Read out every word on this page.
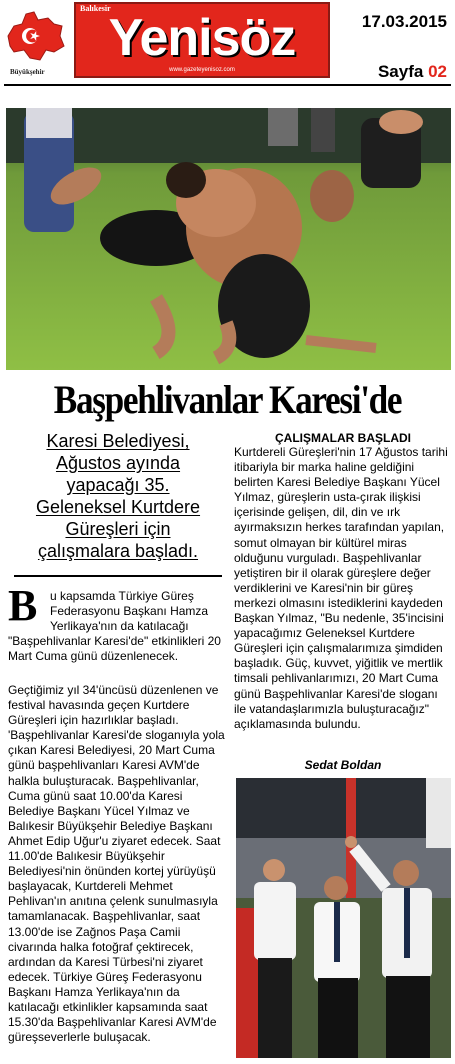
Büyükşehir
Balıkesir
Yenisöz
www.gazeteyenisoz.com
17.03.2015
Sayfa 02
Başpehlivanlar Karesi'de
Karesi Belediyesi,
Ağustos ayında
yapacağı 35.
Geleneksel Kurtdere
Güreşleri için
çalışmalara başladı.
B u kapsamda Türkiye Güreş Federasyonu Başkanı Hamza Yerlikaya'nın da katılacağı
"Başpehlivanlar Karesi'de" etkinlikleri 20 Mart Cuma günü düzenlenecek.
Geçtiğimiz yıl 34'üncüsü düzenlenen ve festival havasında geçen Kurtdere Güreşleri için hazırlıklar başladı. 'Başpehlivanlar Karesi'de sloganıyla yola çıkan Karesi Belediyesi, 20 Mart Cuma günü başpehlivanları Karesi AVM'de halkla buluşturacak. Başpehlivanlar, Cuma günü saat 10.00'da Karesi Belediye Başkanı Yücel Yılmaz ve Balıkesir Büyükşehir Belediye Başkanı Ahmet Edip Uğur'u ziyaret edecek. Saat 11.00'de Balıkesir Büyükşehir Belediyesi'nin önünden kortej yürüyüşü başlayacak, Kurtdereli Mehmet Pehlivan'ın anıtına çelenk sunulmasıyla tamamlanacak. Başpehlivanlar, saat 13.00'de ise Zağnos Paşa Camii civarında halka fotoğraf çektirecek, ardından da Karesi Türbesi'ni ziyaret edecek. Türkiye Güreş Federasyonu Başkanı Hamza Yerlikaya'nın da katılacağı etkinlikler kapsamında saat 15.30'da Başpehlivanlar Karesi AVM'de güreşseverlerle buluşacak.
ÇALIŞMALAR BAŞLADI
Kurtdereli Güreşleri'nin 17 Ağustos tarihi itibariyla bir marka haline geldiğini belirten Karesi Belediye Başkanı Yücel Yılmaz, güreşlerin usta-çırak ilişkisi içerisinde gelişen, dil, din ve ırk ayırmaksızın herkes tarafından yapılan, somut olmayan bir kültürel miras olduğunu vurguladı. Başpehlivanlar yetiştiren bir il olarak güreşlere değer verdiklerini ve Karesi'nin bir güreş merkezi olmasını istediklerini kaydeden Başkan Yılmaz, "Bu nedenle, 35'incisini yapacağımız Geleneksel Kurtdere Güreşleri için çalışmalarımıza şimdiden başladık. Güç, kuvvet, yiğitlik ve mertlik timsali pehlivanlarımızı, 20 Mart Cuma günü Başpehlivanlar Karesi'de sloganı ile vatandaşlarımızla buluşturacağız" açıklamasında bulundu.
Sedat Boldan
